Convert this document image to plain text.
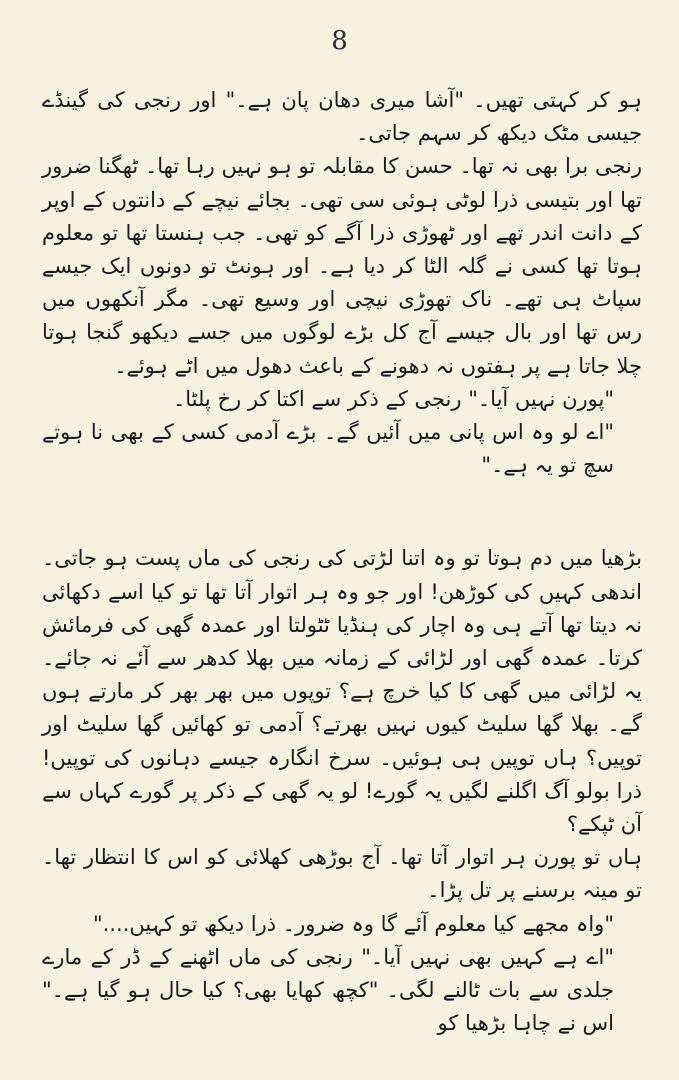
8

ہو کر کہتی تھیں۔ "آشا میری دھان پان ہے۔" اور رنجی کی گینڈے جیسی مٹک دیکھ کر سہم جاتی۔

رنجی برا بھی نہ تھا۔ حسن کا مقابلہ تو ہو نہیں رہا تھا۔ ٹھگنا ضرور تھا اور بتیسی ذرا لوٹی ہوئی سی تھی۔ بجائے نیچے کے دانتوں کے اوپر کے دانت اندر تھے اور ٹھوڑی ذرا آگے کو تھی۔ جب ہنستا تھا تو معلوم ہوتا تھا کسی نے گلہ الٹا کر دیا ہے۔ اور ہونٹ تو دونوں ایک جیسے سپاٹ ہی تھے۔ ناک تھوڑی نیچی اور وسیع تھی۔ مگر آنکھوں میں رس تھا اور بال جیسے آج کل بڑے لوگوں میں جسے دیکھو گنجا ہوتا چلا جاتا ہے پر ہفتوں نہ دھونے کے باعث دھول میں اٹے ہوئے۔

"پورن نہیں آیا۔" رنجی کے ذکر سے اکتا کر رخ پلٹا۔

"اے لو وہ اس پانی میں آئیں گے۔ بڑے آدمی کسی کے بھی نا ہوتے سچ تو یہ ہے۔"

بڑھیا میں دم ہوتا تو وہ اتنا لڑتی کی رنجی کی ماں پست ہو جاتی۔ اندھی کہیں کی کوڑھن! اور جو وہ ہر اتوار آتا تھا تو کیا اسے دکھائی نہ دیتا تھا آتے ہی وہ اچار کی ہنڈیا ٹٹولتا اور عمدہ گھی کی فرمائش کرتا۔ عمدہ گھی اور لڑائی کے زمانہ میں بھلا کدھر سے آئے نہ جائے۔ یہ لڑائی میں گھی کا کیا خرچ ہے؟ توپوں میں بھر بھر کر مارتے ہوں گے۔ بھلا گھا سلیٹ کیوں نہیں بھرتے؟ آدمی تو کھائیں گھا سلیٹ اور توپیں؟ ہاں توپیں ہی ہوئیں۔ سرخ انگارہ جیسے دہانوں کی توپیں! ذرا بولو آگ اگلنے لگیں یہ گورے! لو یہ گھی کے ذکر پر گورے کہاں سے آن ٹپکے؟

ہاں تو پورن ہر اتوار آتا تھا۔ آج بوڑھی کھلائی کو اس کا انتظار تھا۔ تو مینہ برسنے پر تل پڑا۔

"واہ مجھے کیا معلوم آئے گا وہ ضرور۔ ذرا دیکھ تو کہیں...."

"اے ہے کہیں بھی نہیں آیا۔" رنجی کی ماں اٹھنے کے ڈر کے مارے جلدی سے بات ٹالنے لگی۔ "کچھ کھایا بھی؟ کیا حال ہو گیا ہے۔" اس نے چاہا بڑھیا کو
